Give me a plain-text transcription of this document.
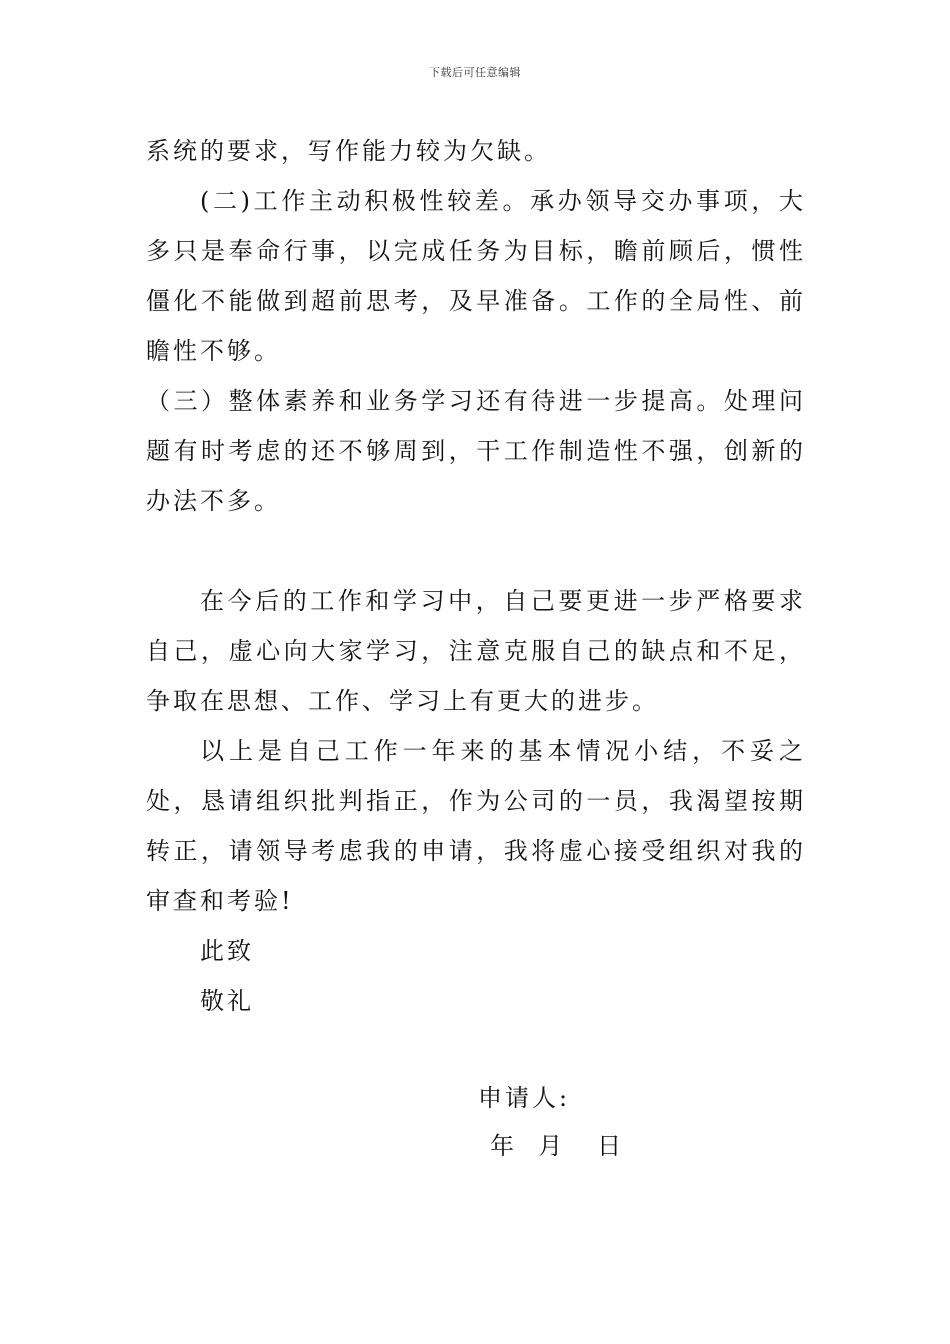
下载后可任意编辑

系统的要求，写作能力较为欠缺。

(二)工作主动积极性较差。承办领导交办事项，大多只是奉命行事，以完成任务为目标，瞻前顾后，惯性僵化不能做到超前思考，及早准备。工作的全局性、前瞻性不够。

（三）整体素养和业务学习还有待进一步提高。处理问题有时考虑的还不够周到，干工作制造性不强，创新的办法不多。

在今后的工作和学习中，自己要更进一步严格要求自己，虚心向大家学习，注意克服自己的缺点和不足，争取在思想、工作、学习上有更大的进步。

以上是自己工作一年来的基本情况小结，不妥之处，恳请组织批判指正，作为公司的一员，我渴望按期转正，请领导考虑我的申请，我将虚心接受组织对我的审查和考验!

此致
敬礼
申请人:
年  月   日
